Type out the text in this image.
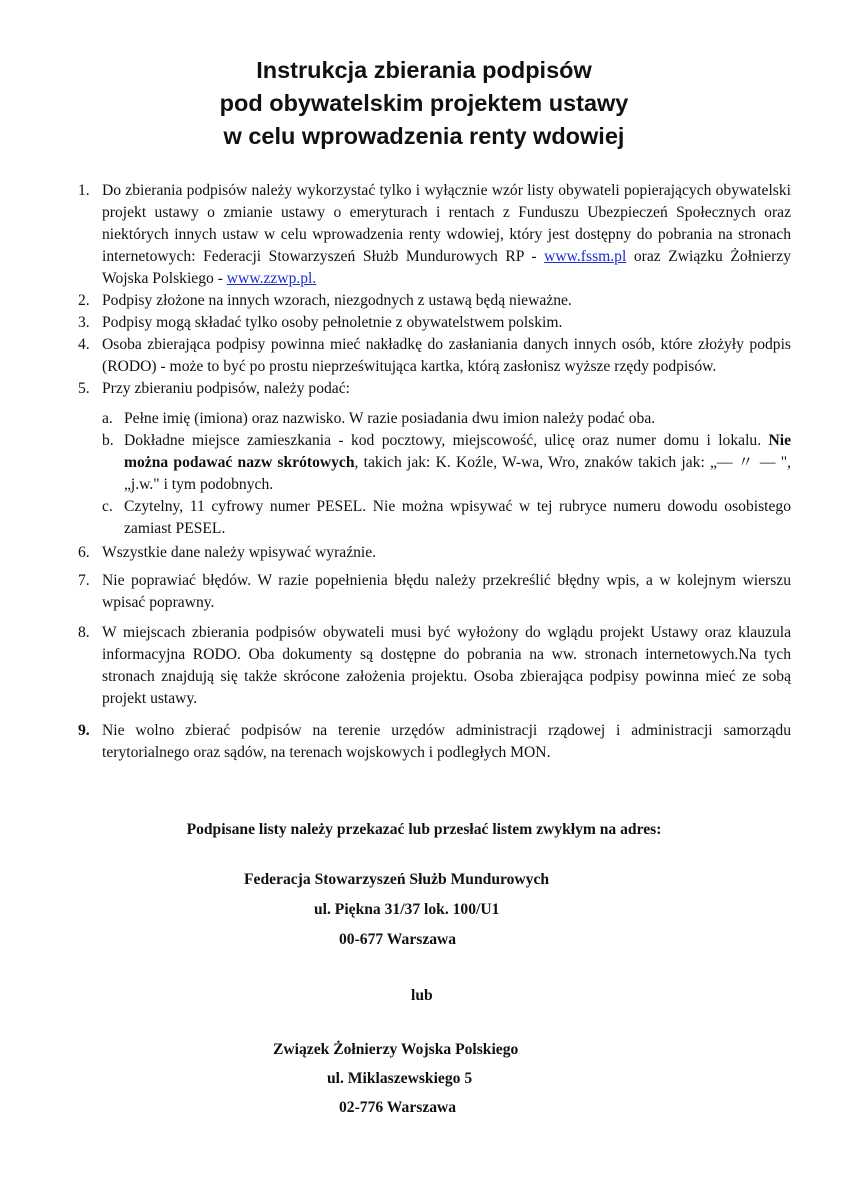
Instrukcja zbierania podpisów
pod obywatelskim projektem ustawy
w celu wprowadzenia renty wdowiej
1. Do zbierania podpisów należy wykorzystać tylko i wyłącznie wzór listy obywateli popierających obywatelski projekt ustawy o zmianie ustawy o emeryturach i rentach z Funduszu Ubezpieczeń Społecznych oraz niektórych innych ustaw w celu wprowadzenia renty wdowiej, który jest dostępny do pobrania na stronach internetowych: Federacji Stowarzyszeń Służb Mundurowych RP - www.fssm.pl oraz Związku Żołnierzy Wojska Polskiego - www.zzwp.pl.
2. Podpisy złożone na innych wzorach, niezgodnych z ustawą będą nieważne.
3. Podpisy mogą składać tylko osoby pełnoletnie z obywatelstwem polskim.
4. Osoba zbierająca podpisy powinna mieć nakładkę do zasłaniania danych innych osób, które złożyły podpis (RODO) - może to być po prostu nieprześwitująca kartka, którą zasłonisz wyższe rzędy podpisów.
5. Przy zbieraniu podpisów, należy podać:
a. Pełne imię (imiona) oraz nazwisko. W razie posiadania dwu imion należy podać oba.
b. Dokładne miejsce zamieszkania - kod pocztowy, miejscowość, ulicę oraz numer domu i lokalu. Nie można podawać nazw skrótowych, takich jak: K. Koźle, W-wa, Wro, znaków takich jak: „— 〃 — ", „j.w." i tym podobnych.
c. Czytelny, 11 cyfrowy numer PESEL. Nie można wpisywać w tej rubryce numeru dowodu osobistego zamiast PESEL.
6. Wszystkie dane należy wpisywać wyraźnie.
7. Nie poprawiać błędów. W razie popełnienia błędu należy przekreślić błędny wpis, a w kolejnym wierszu wpisać poprawny.
8. W miejscach zbierania podpisów obywateli musi być wyłożony do wglądu projekt Ustawy oraz klauzula informacyjna RODO. Oba dokumenty są dostępne do pobrania na ww. stronach internetowych.Na tych stronach znajdują się także skrócone założenia projektu. Osoba zbierająca podpisy powinna mieć ze sobą projekt ustawy.
9. Nie wolno zbierać podpisów na terenie urzędów administracji rządowej i administracji samorządu terytorialnego oraz sądów, na terenach wojskowych i podległych MON.
Podpisane listy należy przekazać lub przesłać listem zwykłym na adres:
Federacja Stowarzyszeń Służb Mundurowych
ul. Piękna 31/37 lok. 100/U1
00-677 Warszawa
lub
Związek Żołnierzy Wojska Polskiego
ul. Miklaszewskiego 5
02-776 Warszawa
